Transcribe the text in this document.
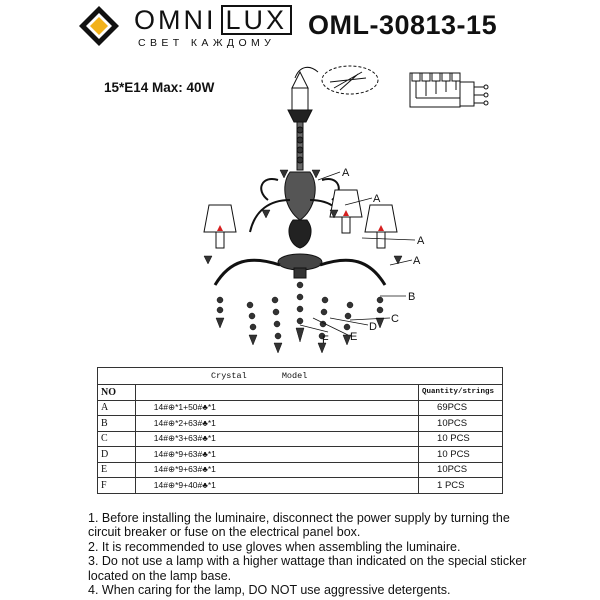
OMNI LUX
СВЕТ КАЖДОМУ
OML-30813-15
15*E14 Max: 40W
A
A
A
A
B
C
D
E
F
Crystal Model		
NO		Quantity/strings
A	14#⊕*1+50#♣*1	69PCS
B	14#⊕*2+63#♣*1	10PCS
C	14#⊕*3+63#♣*1	10 PCS
D	14#⊕*9+63#♣*1	10 PCS
E	14#⊕*9+63#♣*1	10PCS
F	14#⊕*9+40#♣*1	1 PCS

1. Before installing the luminaire, disconnect the power supply by turning the circuit breaker or fuse on the electrical panel box.

2. It is recommended to use gloves when assembling the luminaire.

3. Do not use a lamp with a higher wattage than indicated on the special sticker located on the lamp base.

4. When caring for the lamp, DO NOT use aggressive detergents.
